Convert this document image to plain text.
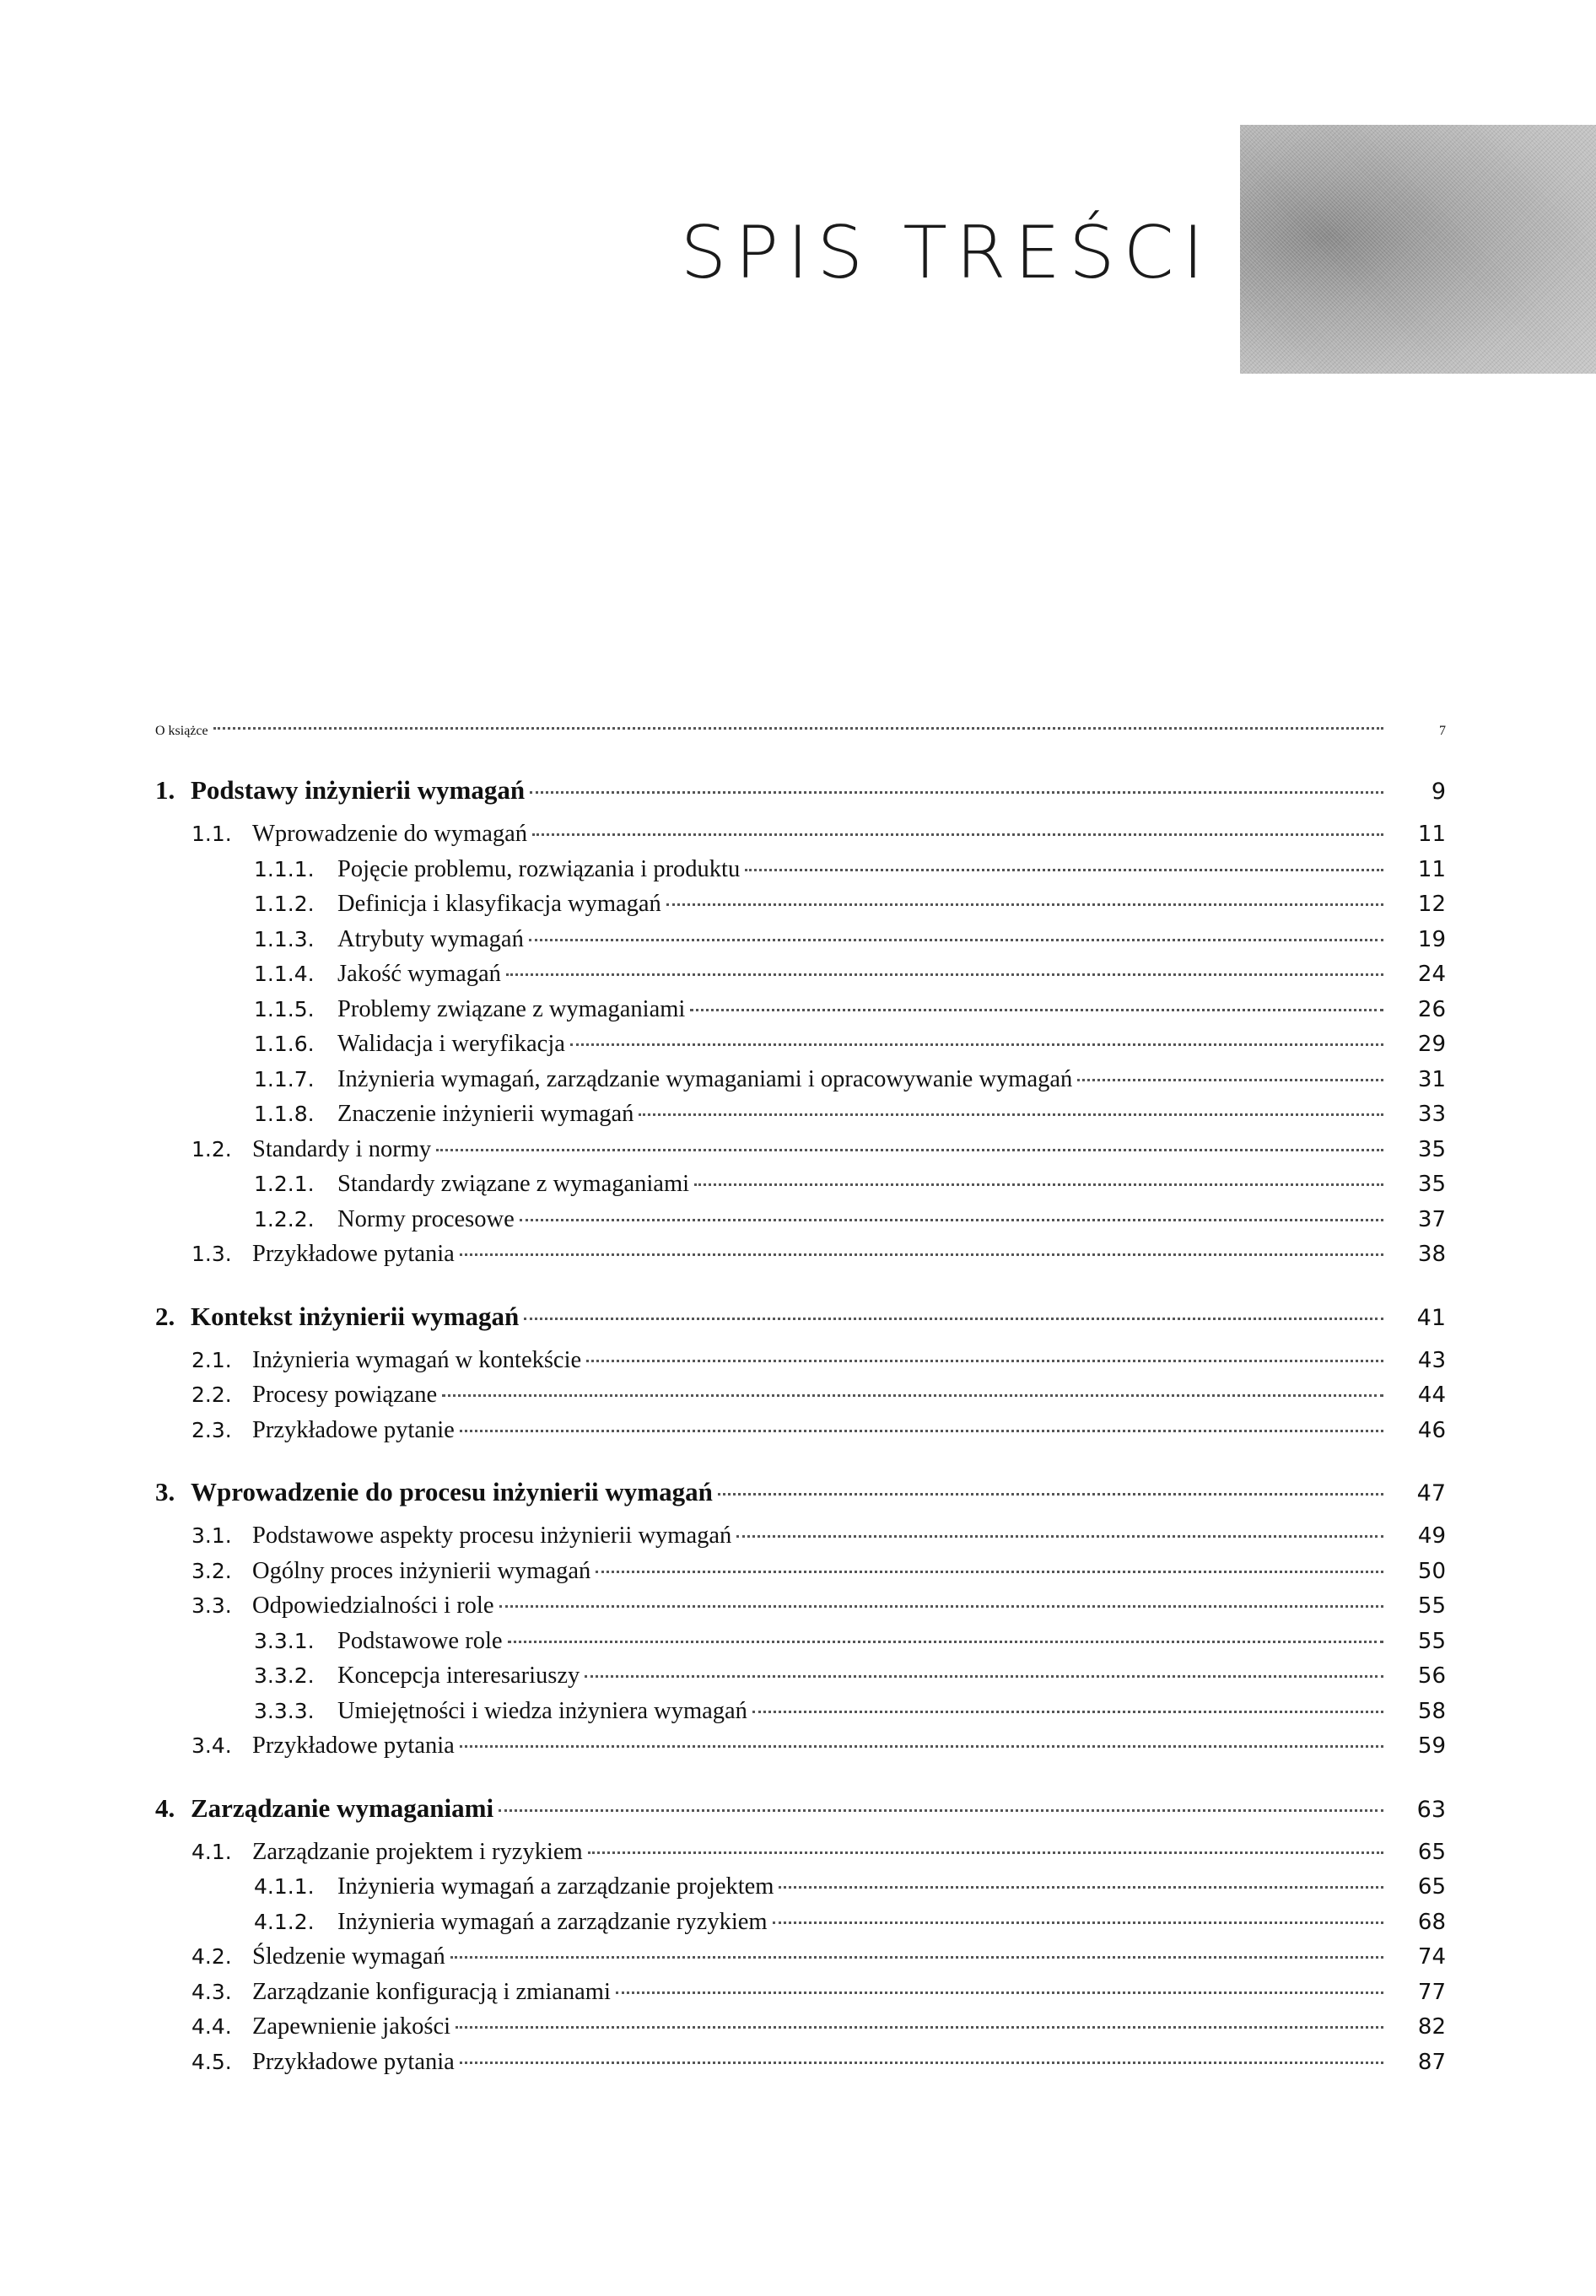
SPIS TREŚCI
O książce	7
1. Podstawy inżynierii wymagań	9
1.1. Wprowadzenie do wymagań	11
1.1.1. Pojęcie problemu, rozwiązania i produktu	11
1.1.2. Definicja i klasyfikacja wymagań	12
1.1.3. Atrybuty wymagań	19
1.1.4. Jakość wymagań	24
1.1.5. Problemy związane z wymaganiami	26
1.1.6. Walidacja i weryfikacja	29
1.1.7. Inżynieria wymagań, zarządzanie wymaganiami i opracowywanie wymagań	31
1.1.8. Znaczenie inżynierii wymagań	33
1.2. Standardy i normy	35
1.2.1. Standardy związane z wymaganiami	35
1.2.2. Normy procesowe	37
1.3. Przykładowe pytania	38
2. Kontekst inżynierii wymagań	41
2.1. Inżynieria wymagań w kontekście	43
2.2. Procesy powiązane	44
2.3. Przykładowe pytanie	46
3. Wprowadzenie do procesu inżynierii wymagań	47
3.1. Podstawowe aspekty procesu inżynierii wymagań	49
3.2. Ogólny proces inżynierii wymagań	50
3.3. Odpowiedzialności i role	55
3.3.1. Podstawowe role	55
3.3.2. Koncepcja interesariuszy	56
3.3.3. Umiejętności i wiedza inżyniera wymagań	58
3.4. Przykładowe pytania	59
4. Zarządzanie wymaganiami	63
4.1. Zarządzanie projektem i ryzykiem	65
4.1.1. Inżynieria wymagań a zarządzanie projektem	65
4.1.2. Inżynieria wymagań a zarządzanie ryzykiem	68
4.2. Śledzenie wymagań	74
4.3. Zarządzanie konfiguracją i zmianami	77
4.4. Zapewnienie jakości	82
4.5. Przykładowe pytania	87
